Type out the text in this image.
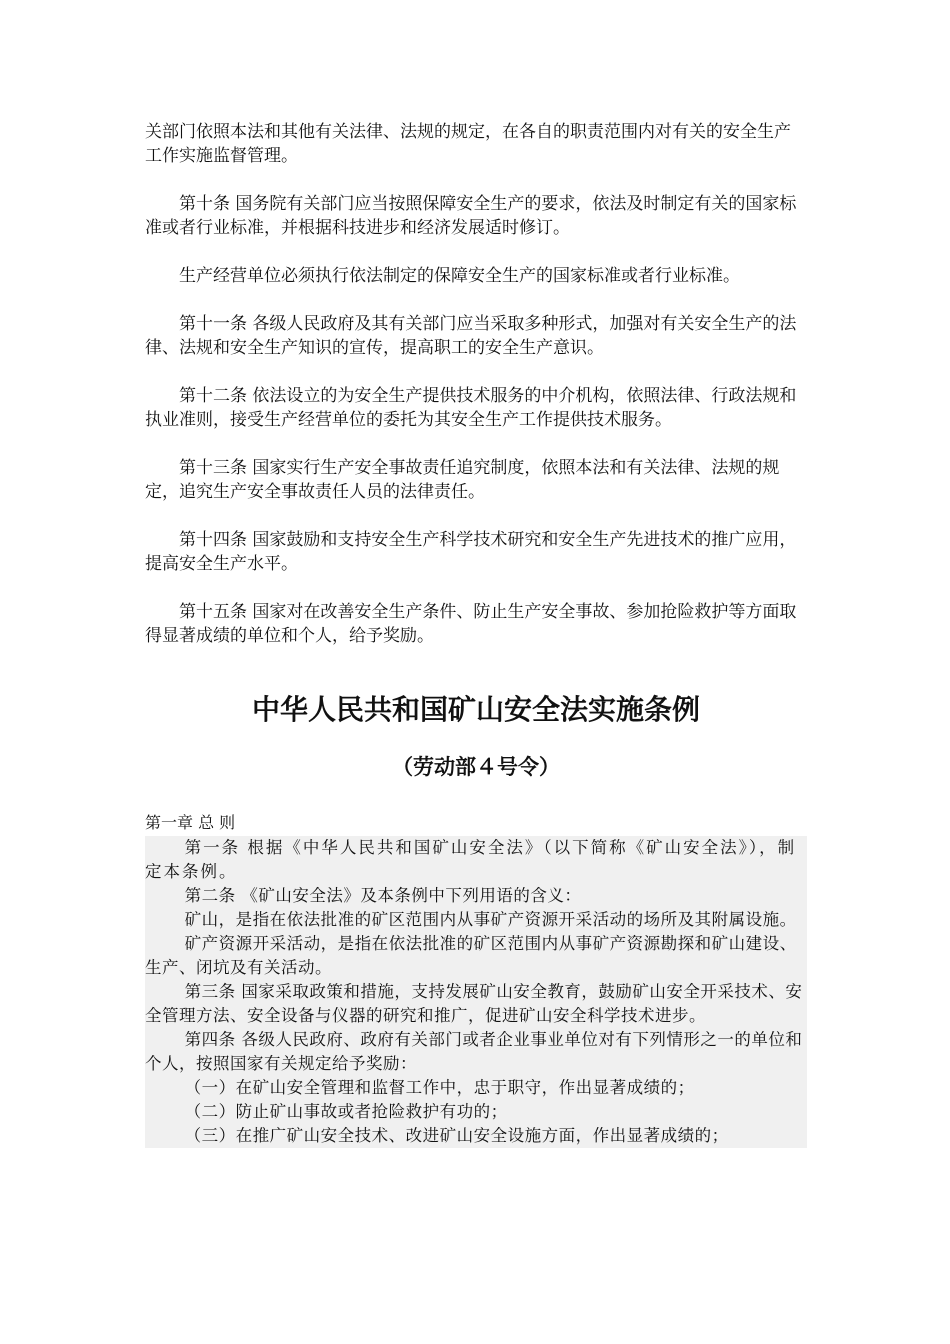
关部门依照本法和其他有关法律、法规的规定，在各自的职责范围内对有关的安全生产工作实施监督管理。

第十条 国务院有关部门应当按照保障安全生产的要求，依法及时制定有关的国家标准或者行业标准，并根据科技进步和经济发展适时修订。

生产经营单位必须执行依法制定的保障安全生产的国家标准或者行业标准。

第十一条 各级人民政府及其有关部门应当采取多种形式，加强对有关安全生产的法律、法规和安全生产知识的宣传，提高职工的安全生产意识。

第十二条 依法设立的为安全生产提供技术服务的中介机构，依照法律、行政法规和执业准则，接受生产经营单位的委托为其安全生产工作提供技术服务。

第十三条 国家实行生产安全事故责任追究制度，依照本法和有关法律、法规的规定，追究生产安全事故责任人员的法律责任。

第十四条 国家鼓励和支持安全生产科学技术研究和安全生产先进技术的推广应用，提高安全生产水平。

第十五条 国家对在改善安全生产条件、防止生产安全事故、参加抢险救护等方面取得显著成绩的单位和个人，给予奖励。

中华人民共和国矿山安全法实施条例
（劳动部４号令）
第一章 总 则

第一条 根据《中华人民共和国矿山安全法》（以下简称《矿山安全法》），制定本条例。

第二条 《矿山安全法》及本条例中下列用语的含义：

矿山，是指在依法批准的矿区范围内从事矿产资源开采活动的场所及其附属设施。

矿产资源开采活动，是指在依法批准的矿区范围内从事矿产资源勘探和矿山建设、生产、闭坑及有关活动。

第三条 国家采取政策和措施，支持发展矿山安全教育，鼓励矿山安全开采技术、安全管理方法、安全设备与仪器的研究和推广，促进矿山安全科学技术进步。

第四条 各级人民政府、政府有关部门或者企业事业单位对有下列情形之一的单位和个人，按照国家有关规定给予奖励：

（一）在矿山安全管理和监督工作中，忠于职守，作出显著成绩的；

（二）防止矿山事故或者抢险救护有功的；

（三）在推广矿山安全技术、改进矿山安全设施方面，作出显著成绩的；
